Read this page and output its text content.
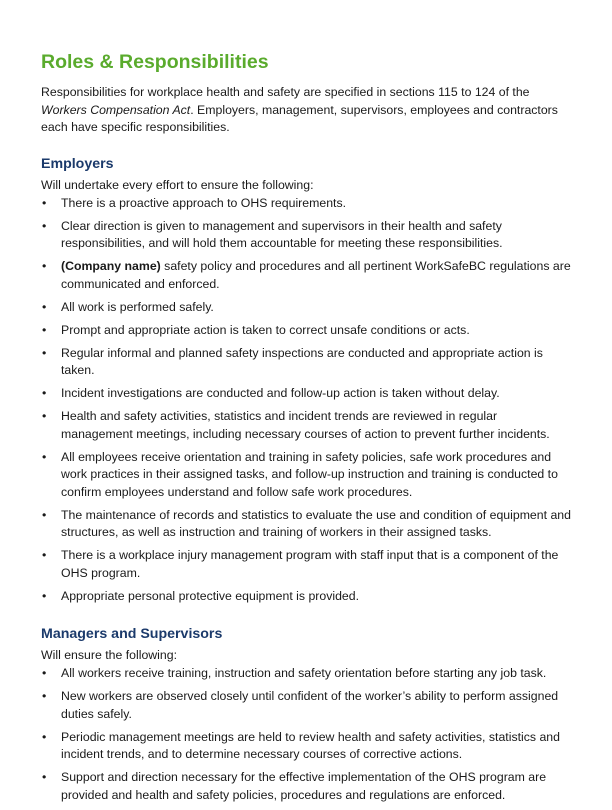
Roles & Responsibilities

Responsibilities for workplace health and safety are specified in sections 115 to 124 of the Workers Compensation Act. Employers, management, supervisors, employees and contractors each have specific responsibilities.

Employers

Will undertake every effort to ensure the following:

• There is a proactive approach to OHS requirements.
• Clear direction is given to management and supervisors in their health and safety responsibilities, and will hold them accountable for meeting these responsibilities.
• (Company name) safety policy and procedures and all pertinent WorkSafeBC regulations are communicated and enforced.
• All work is performed safely.
• Prompt and appropriate action is taken to correct unsafe conditions or acts.
• Regular informal and planned safety inspections are conducted and appropriate action is taken.
• Incident investigations are conducted and follow-up action is taken without delay.
• Health and safety activities, statistics and incident trends are reviewed in regular management meetings, including necessary courses of action to prevent further incidents.
• All employees receive orientation and training in safety policies, safe work procedures and work practices in their assigned tasks, and follow-up instruction and training is conducted to confirm employees understand and follow safe work procedures.
• The maintenance of records and statistics to evaluate the use and condition of equipment and structures, as well as instruction and training of workers in their assigned tasks.
• There is a workplace injury management program with staff input that is a component of the OHS program.
• Appropriate personal protective equipment is provided.
Managers and Supervisors

Will ensure the following:

• All workers receive training, instruction and safety orientation before starting any job task.
• New workers are observed closely until confident of the worker’s ability to perform assigned duties safely.
• Periodic management meetings are held to review health and safety activities, statistics and incident trends, and to determine necessary courses of corrective actions.
• Support and direction necessary for the effective implementation of the OHS program are provided and health and safety policies, procedures and regulations are enforced.
